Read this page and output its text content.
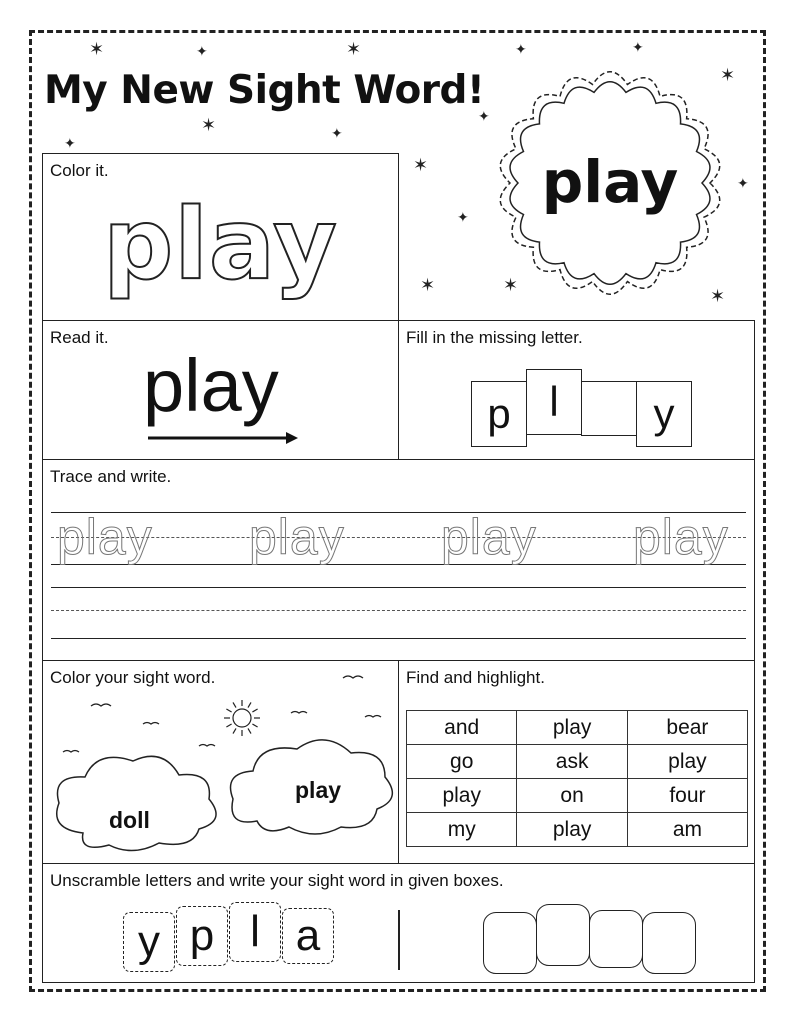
My New Sight Word!
✶	✦	✶	✦	✦
✶
✶
✦
✦
✶
✦
✦
✶	✶
✶
✦
play

Color it.

play

Read it.

play

Fill in the missing letter.

p l	y

Trace and write.

play play play play

Color your sight word.

doll
play

Find and highlight.

and	play	bear
go	ask	play
play	on	four
my	play	am

Unscramble letters and write your sight word in given boxes.

y p l a
